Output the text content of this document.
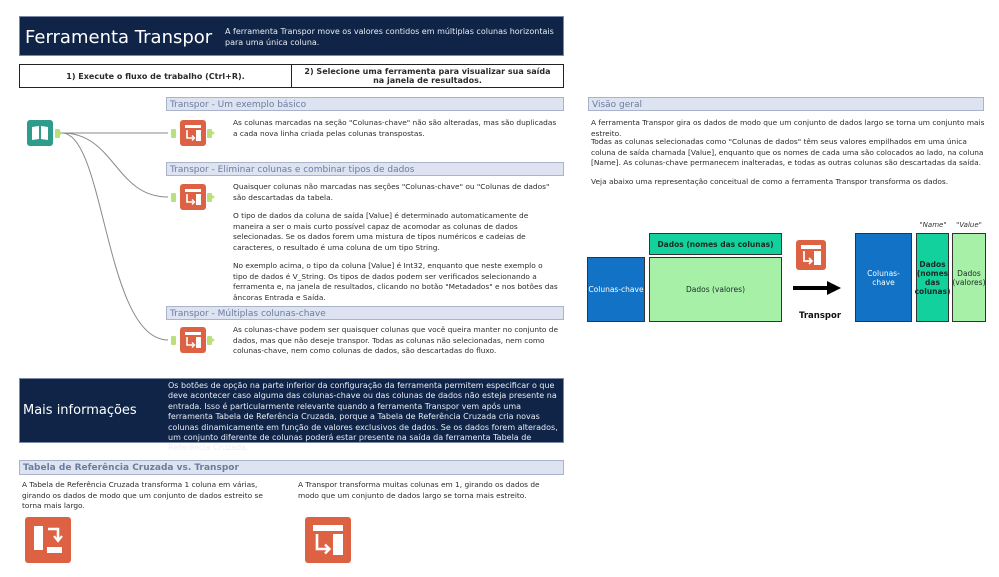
Ferramenta Transpor A ferramenta Transpor move os valores contidos em múltiplas colunas horizontais para uma única coluna.
1) Execute o fluxo de trabalho (Ctrl+R).	2) Selecione uma ferramenta para visualizar sua saída na janela de resultados.
Transpor - Um exemplo básico
As colunas marcadas na seção "Colunas-chave" não são alteradas, mas são duplicadas a cada nova linha criada pelas colunas transpostas.
Transpor - Eliminar colunas e combinar tipos de dados
Quaisquer colunas não marcadas nas seções "Colunas-chave" ou "Colunas de dados" são descartadas da tabela.
O tipo de dados da coluna de saída [Value] é determinado automaticamente de maneira a ser o mais curto possível capaz de acomodar as colunas de dados selecionadas. Se os dados forem uma mistura de tipos numéricos e cadeias de caracteres, o resultado é uma coluna de um tipo String.
No exemplo acima, o tipo da coluna [Value] é Int32, enquanto que neste exemplo o tipo de dados é V_String. Os tipos de dados podem ser verificados selecionando a ferramenta e, na janela de resultados, clicando no botão "Metadados" e nos botões das âncoras Entrada e Saída.
Transpor - Múltiplas colunas-chave
As colunas-chave podem ser quaisquer colunas que você queira manter no conjunto de dados, mas que não deseje transpor. Todas as colunas não selecionadas, nem como colunas-chave, nem como colunas de dados, são descartadas do fluxo.
Mais informações
Os botões de opção na parte inferior da configuração da ferramenta permitem especificar o que deve acontecer caso alguma das colunas-chave ou das colunas de dados não esteja presente na entrada. Isso é particularmente relevante quando a ferramenta Transpor vem após uma ferramenta Tabela de Referência Cruzada, porque a Tabela de Referência Cruzada cria novas colunas dinamicamente em função de valores exclusivos de dados. Se os dados forem alterados, um conjunto diferente de colunas poderá estar presente na saída da ferramenta Tabela de Referência Cruzada.
Tabela de Referência Cruzada vs. Transpor
A Tabela de Referência Cruzada transforma 1 coluna em várias, girando os dados de modo que um conjunto de dados estreito se torna mais largo.
A Transpor transforma muitas colunas em 1, girando os dados de modo que um conjunto de dados largo se torna mais estreito.
Visão geral
A ferramenta Transpor gira os dados de modo que um conjunto de dados largo se torna um conjunto mais estreito.
Todas as colunas selecionadas como "Colunas de dados" têm seus valores empilhados em uma única coluna de saída chamada [Value], enquanto que os nomes de cada uma são colocados ao lado, na coluna [Name]. As colunas-chave permanecem inalteradas, e todas as outras colunas são descartadas da saída.
Veja abaixo uma representação conceitual de como a ferramenta Transpor transforma os dados.
Dados (nomes das colunas)
Colunas-chave	Dados (valores)
Transpor
"Name"	"Value"
Colunas-chave
Dados (nomes das colunas)
Dados (valores)
